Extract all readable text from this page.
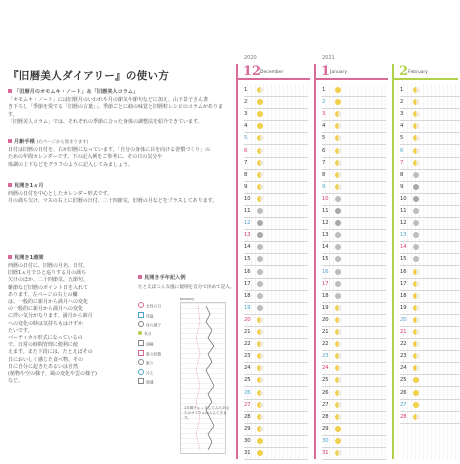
『旧暦美人ダイアリー』の使い方
「旧暦月のオモムキ・ノート」＆「旧暦美人コラム」
「オモムキ・ノート」には旧暦月のいわれや月の節気や節句などに加え、山下景子さん書
き下ろし「季節を愛でる「旧暦の言葉」」、季節ごとに勧の味覚と旧暦粒レシピのコラムがあります。
「旧暦美人コラム」では、それぞれの季節に合った身体の調整法を紹介できています。
月齢手帳 (右ページから始まります)
日付は旧暦の日付を、右が旧暦になっています。「自分の身体に目を向ける習慣づくり」の
ための年間カレンダーです。下の記入例をご参考に、その日の気分や
体調の上下などをグラフのように記入してみましょう。
見開き1ヵ月
西暦の日付を中心としたカレンダー形式です。
月の満ち欠け、マスの右上に旧暦の日付、二十四節気、旧暦の月などをプラスしてあります。
見開き1週間
西暦の日付に、旧暦の月名、日付、
旧暦1ヵ月でひと巡りする月の満ち
欠けのほか、二十四節気、五節句、
雑節など旧暦のポイント日を入れて
あります。左ページの右上の欄
は、一般的に新月から満月への変化
の一般的に新月から満月への変化
に伴い気分がなります。満月から新月
への変化の時は気持ちもはけずか
たいです。
バーティカル形式になっているの
で、日常の時間管理に便利に使
えます。また下段には、たとえばその
日においしく感じた食べ物、その
日に自分に起きたあるいは自然
(植物や空の様子、風の変化や雲の様子)
など。
見開き手年記入例
たとえばこんな風に規則を自分で決めて記入。
女性の日
体温
体の調子
気分
頭痛
肌の状態
眠り
冷え
便通
January
1年間チェックしてみたあなたのサイクルがみえてきます。
2020
12
December
1
2
3
4
5
6
7
8
9
10
11
12
13
14
15
16
17
18
19
20
21
22
23
24
25
26
27
28
29
30
31
2021
1 January
1
2
3
4
5
6
7
8
9
10
11
12
13
14
15
16
17
18
19
20
21
22
23
24
25
26
27
28
29
30
31
2 February
1
2
3
4
5
6
7
8
9
10
11
12
13
14
15
16
17
18
19
20
21
22
23
24
25
26
27
28
